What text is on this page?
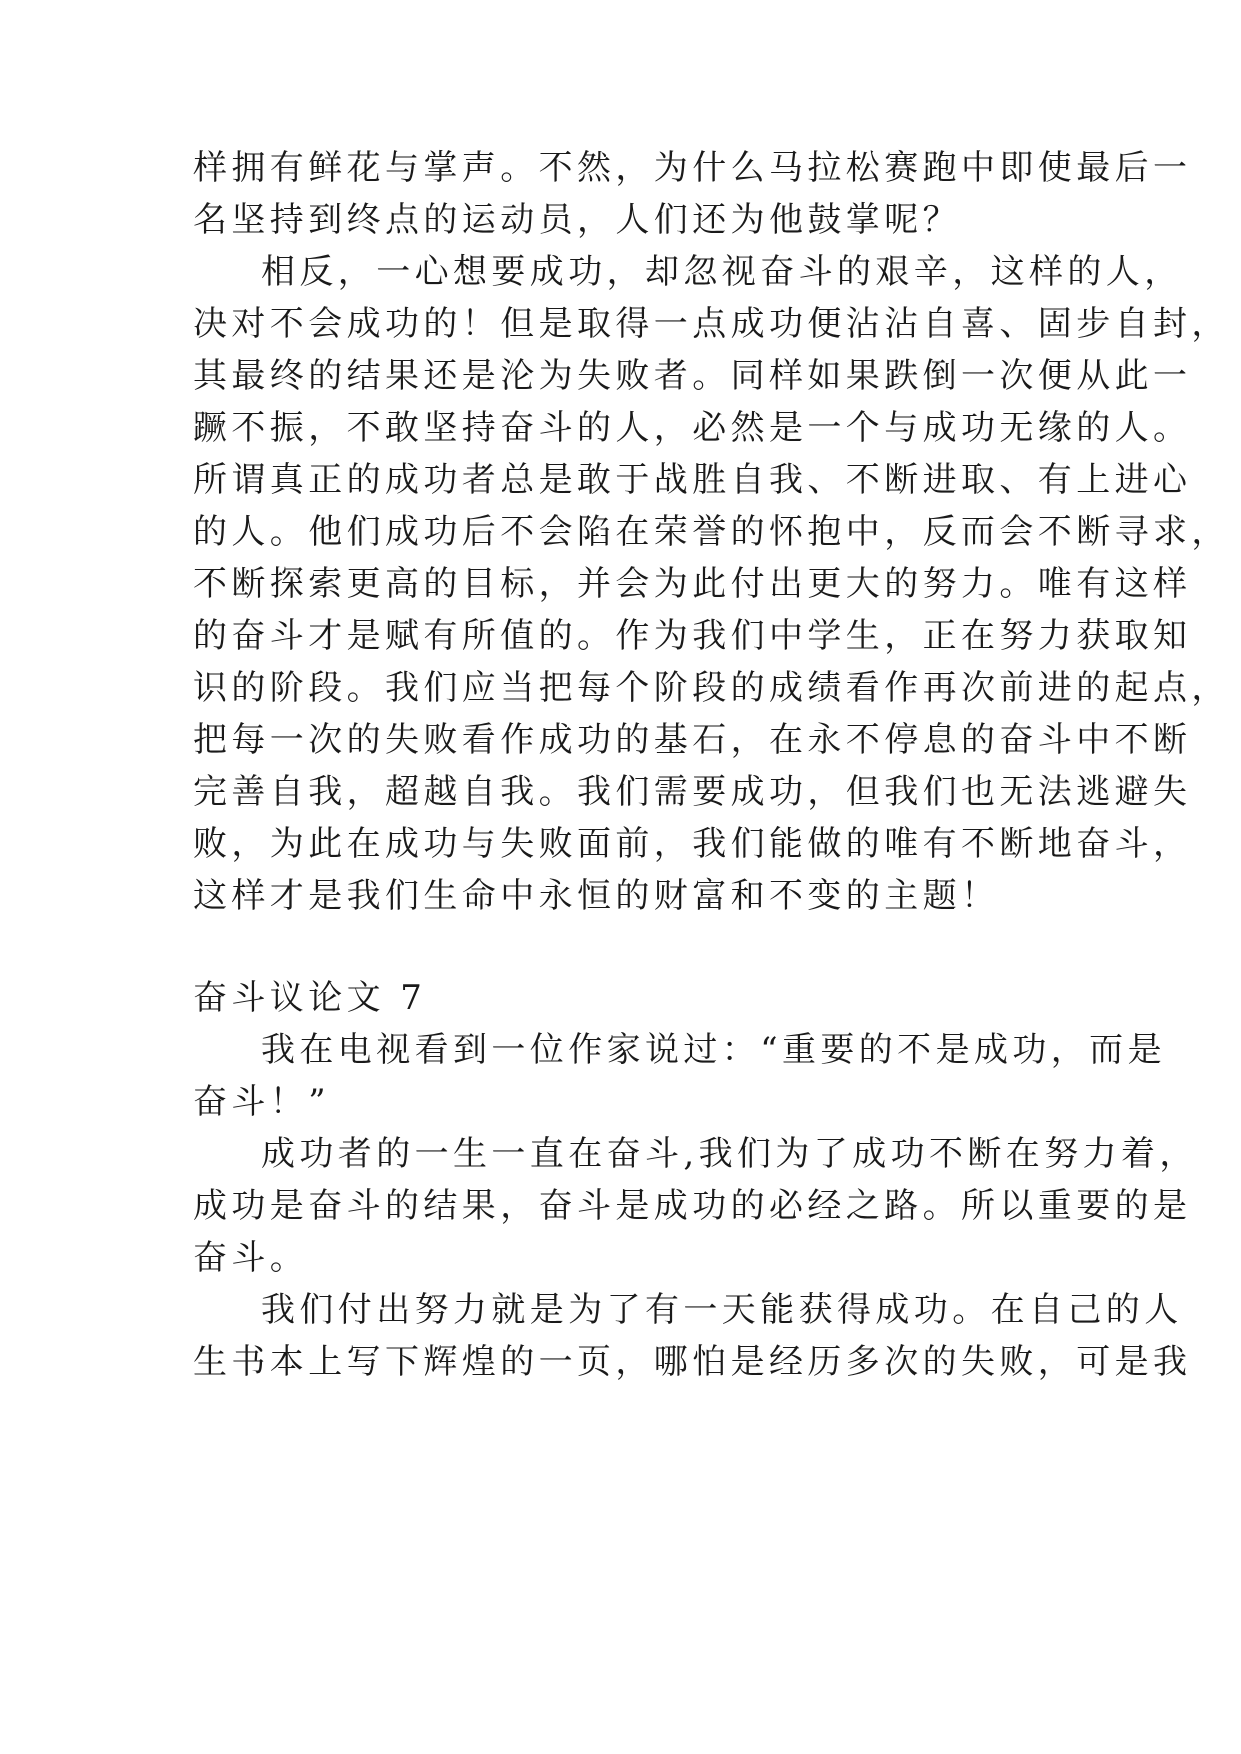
样拥有鲜花与掌声。不然，为什么马拉松赛跑中即使最后一
名坚持到终点的运动员，人们还为他鼓掌呢？
相反，一心想要成功，却忽视奋斗的艰辛，这样的人，
决对不会成功的！但是取得一点成功便沾沾自喜、固步自封，
其最终的结果还是沦为失败者。同样如果跌倒一次便从此一
蹶不振，不敢坚持奋斗的人，必然是一个与成功无缘的人。
所谓真正的成功者总是敢于战胜自我、不断进取、有上进心
的人。他们成功后不会陷在荣誉的怀抱中，反而会不断寻求，
不断探索更高的目标，并会为此付出更大的努力。唯有这样
的奋斗才是赋有所值的。作为我们中学生，正在努力获取知
识的阶段。我们应当把每个阶段的成绩看作再次前进的起点，
把每一次的失败看作成功的基石，在永不停息的奋斗中不断
完善自我，超越自我。我们需要成功，但我们也无法逃避失
败，为此在成功与失败面前，我们能做的唯有不断地奋斗，
这样才是我们生命中永恒的财富和不变的主题！
奋斗议论文 7
我在电视看到一位作家说过：“重要的不是成功，而是
奋斗！”
成功者的一生一直在奋斗,我们为了成功不断在努力着，
成功是奋斗的结果，奋斗是成功的必经之路。所以重要的是
奋斗。
我们付出努力就是为了有一天能获得成功。在自己的人
生书本上写下辉煌的一页，哪怕是经历多次的失败，可是我
